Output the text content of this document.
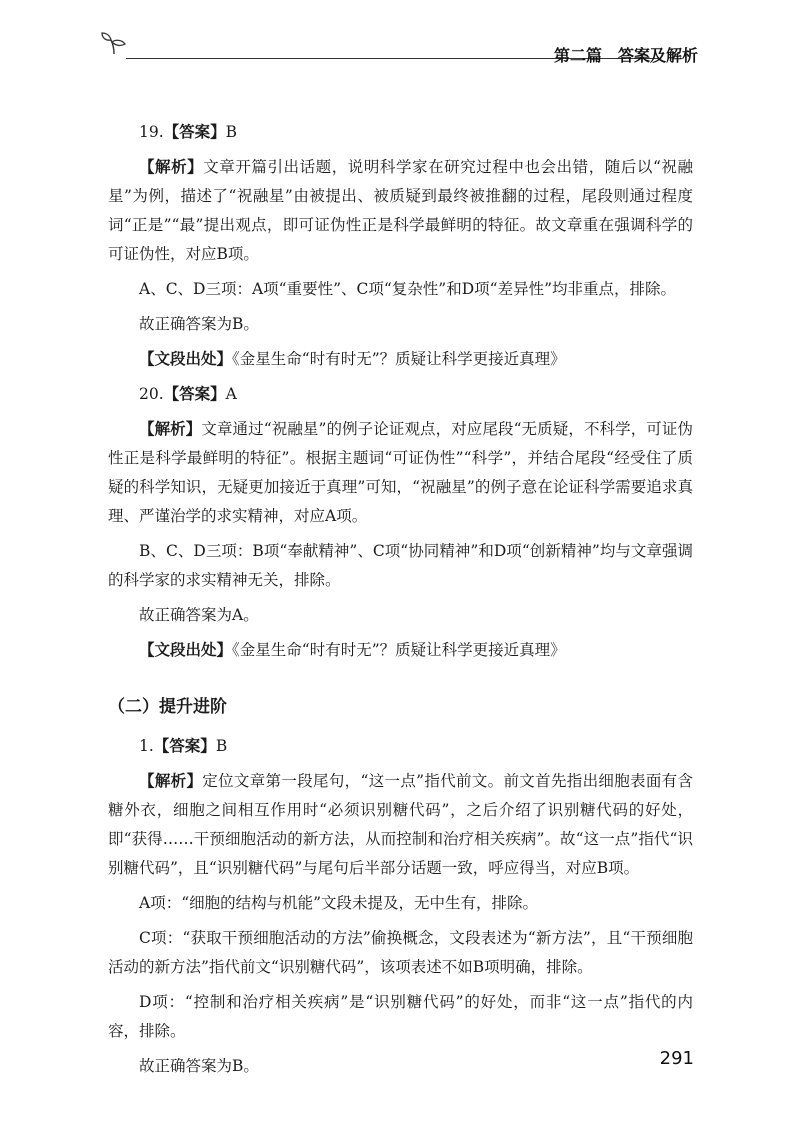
第二篇　答案及解析

19.【答案】B

【解析】文章开篇引出话题，说明科学家在研究过程中也会出错，随后以“祝融星”为例，描述了“祝融星”由被提出、被质疑到最终被推翻的过程，尾段则通过程度词“正是”“最”提出观点，即可证伪性正是科学最鲜明的特征。故文章重在强调科学的可证伪性，对应B项。

A、C、D三项：A项“重要性”、C项“复杂性”和D项“差异性”均非重点，排除。

故正确答案为B。

【文段出处】《金星生命“时有时无”？质疑让科学更接近真理》

20.【答案】A

【解析】文章通过“祝融星”的例子论证观点，对应尾段“无质疑，不科学，可证伪性正是科学最鲜明的特征”。根据主题词“可证伪性”“科学”，并结合尾段“经受住了质疑的科学知识，无疑更加接近于真理”可知，“祝融星”的例子意在论证科学需要追求真理、严谨治学的求实精神，对应A项。

B、C、D三项：B项“奉献精神”、C项“协同精神”和D项“创新精神”均与文章强调的科学家的求实精神无关，排除。

故正确答案为A。

【文段出处】《金星生命“时有时无”？质疑让科学更接近真理》

（二）提升进阶

1.【答案】B

【解析】定位文章第一段尾句，“这一点”指代前文。前文首先指出细胞表面有含糖外衣，细胞之间相互作用时“必须识别糖代码”，之后介绍了识别糖代码的好处，即“获得……干预细胞活动的新方法，从而控制和治疗相关疾病”。故“这一点”指代“识别糖代码”，且“识别糖代码”与尾句后半部分话题一致，呼应得当，对应B项。

A项：“细胞的结构与机能”文段未提及，无中生有，排除。

C项：“获取干预细胞活动的方法”偷换概念，文段表述为“新方法”，且“干预细胞活动的新方法”指代前文“识别糖代码”，该项表述不如B项明确，排除。

D项：“控制和治疗相关疾病”是“识别糖代码”的好处，而非“这一点”指代的内容，排除。

故正确答案为B。	291
